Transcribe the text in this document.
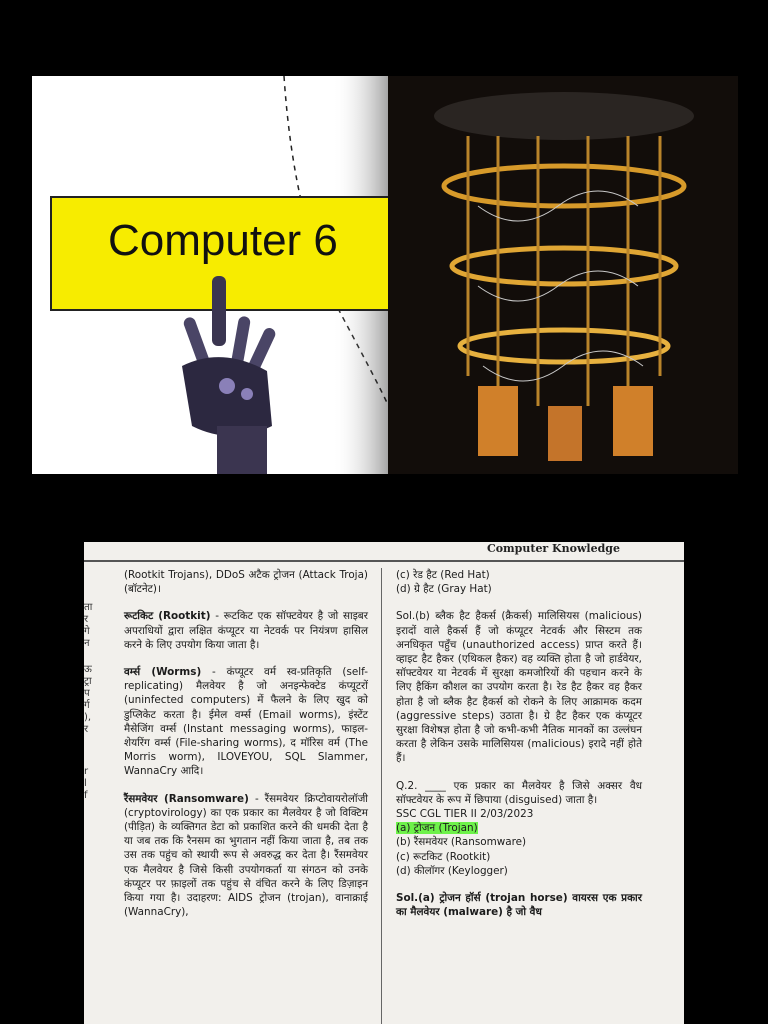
Computer 6
Computer Knowledge
ता
र
गे
न
ऊ
ट्रा
प
र्ग
),
र
r
l
f

(Rootkit Trojans), DDoS अटैक ट्रोजन (Attack Troja) (बॉटनेट)।

रूटकिट (Rootkit) - रूटकिट एक सॉफ्टवेयर है जो साइबर अपराधियों द्वारा लक्षित कंप्यूटर या नेटवर्क पर नियंत्रण हासिल करने के लिए उपयोग किया जाता है।

वर्म्स (Worms) - कंप्यूटर वर्म स्व-प्रतिकृति (self-replicating) मैलवेयर है जो अनइन्फेक्टेड कंप्यूटरों (uninfected computers) में फैलने के लिए खुद को डुप्लिकेट करता है। ईमेल वर्म्स (Email worms), इंस्टेंट मैसेजिंग वर्म्स (Instant messaging worms), फाइल-शेयरिंग वर्म्स (File-sharing worms), द मॉरिस वर्म (The Morris worm), ILOVEYOU, SQL Slammer, WannaCry आदि।

रैंसमवेयर (Ransomware) - रैंसमवेयर क्रिप्टोवायरोलॉजी (cryptovirology) का एक प्रकार का मैलवेयर है जो विक्टिम (पीड़ित) के व्यक्तिगत डेटा को प्रकाशित करने की धमकी देता है या जब तक कि रैनसम का भुगतान नहीं किया जाता है, तब तक उस तक पहुंच को स्थायी रूप से अवरुद्ध कर देता है। रैंसमवेयर एक मैलवेयर है जिसे किसी उपयोगकर्ता या संगठन को उनके कंप्यूटर पर फ़ाइलों तक पहुंच से वंचित करने के लिए डिज़ाइन किया गया है। उदाहरण: AIDS ट्रोजन (trojan), वानाक्राई (WannaCry),

(c) रेड हैट (Red Hat)

(d) ग्रे हैट (Gray Hat)

Sol.(b) ब्लैक हैट हैकर्स (क्रैकर्स) मालिसियस (malicious) इरादों वाले हैकर्स हैं जो कंप्यूटर नेटवर्क और सिस्टम तक अनधिकृत पहुँच (unauthorized access) प्राप्त करते हैं। व्हाइट हैट हैकर (एथिकल हैकर) वह व्यक्ति होता है जो हार्डवेयर, सॉफ्टवेयर या नेटवर्क में सुरक्षा कमजोरियों की पहचान करने के लिए हैकिंग कौशल का उपयोग करता है। रेड हैट हैकर वह हैकर होता है जो ब्लैक हैट हैकर्स को रोकने के लिए आक्रामक कदम (aggressive steps) उठाता है। ग्रे हैट हैकर एक कंप्यूटर सुरक्षा विशेषज्ञ होता है जो कभी-कभी नैतिक मानकों का उल्लंघन करता है लेकिन उसके मालिसियस (malicious) इरादे नहीं होते हैं।

Q.2. ____ एक प्रकार का मैलवेयर है जिसे अक्सर वैध सॉफ्टवेयर के रूप में छिपाया (disguised) जाता है।

SSC CGL TIER II 2/03/2023

(a) ट्रोजन (Trojan)

(b) रैंसमवेयर (Ransomware)

(c) रूटकिट (Rootkit)

(d) कीलॉगर (Keylogger)

Sol.(a) ट्रोजन हॉर्स (trojan horse) वायरस एक प्रकार का मैलवेयर (malware) है जो वैध
